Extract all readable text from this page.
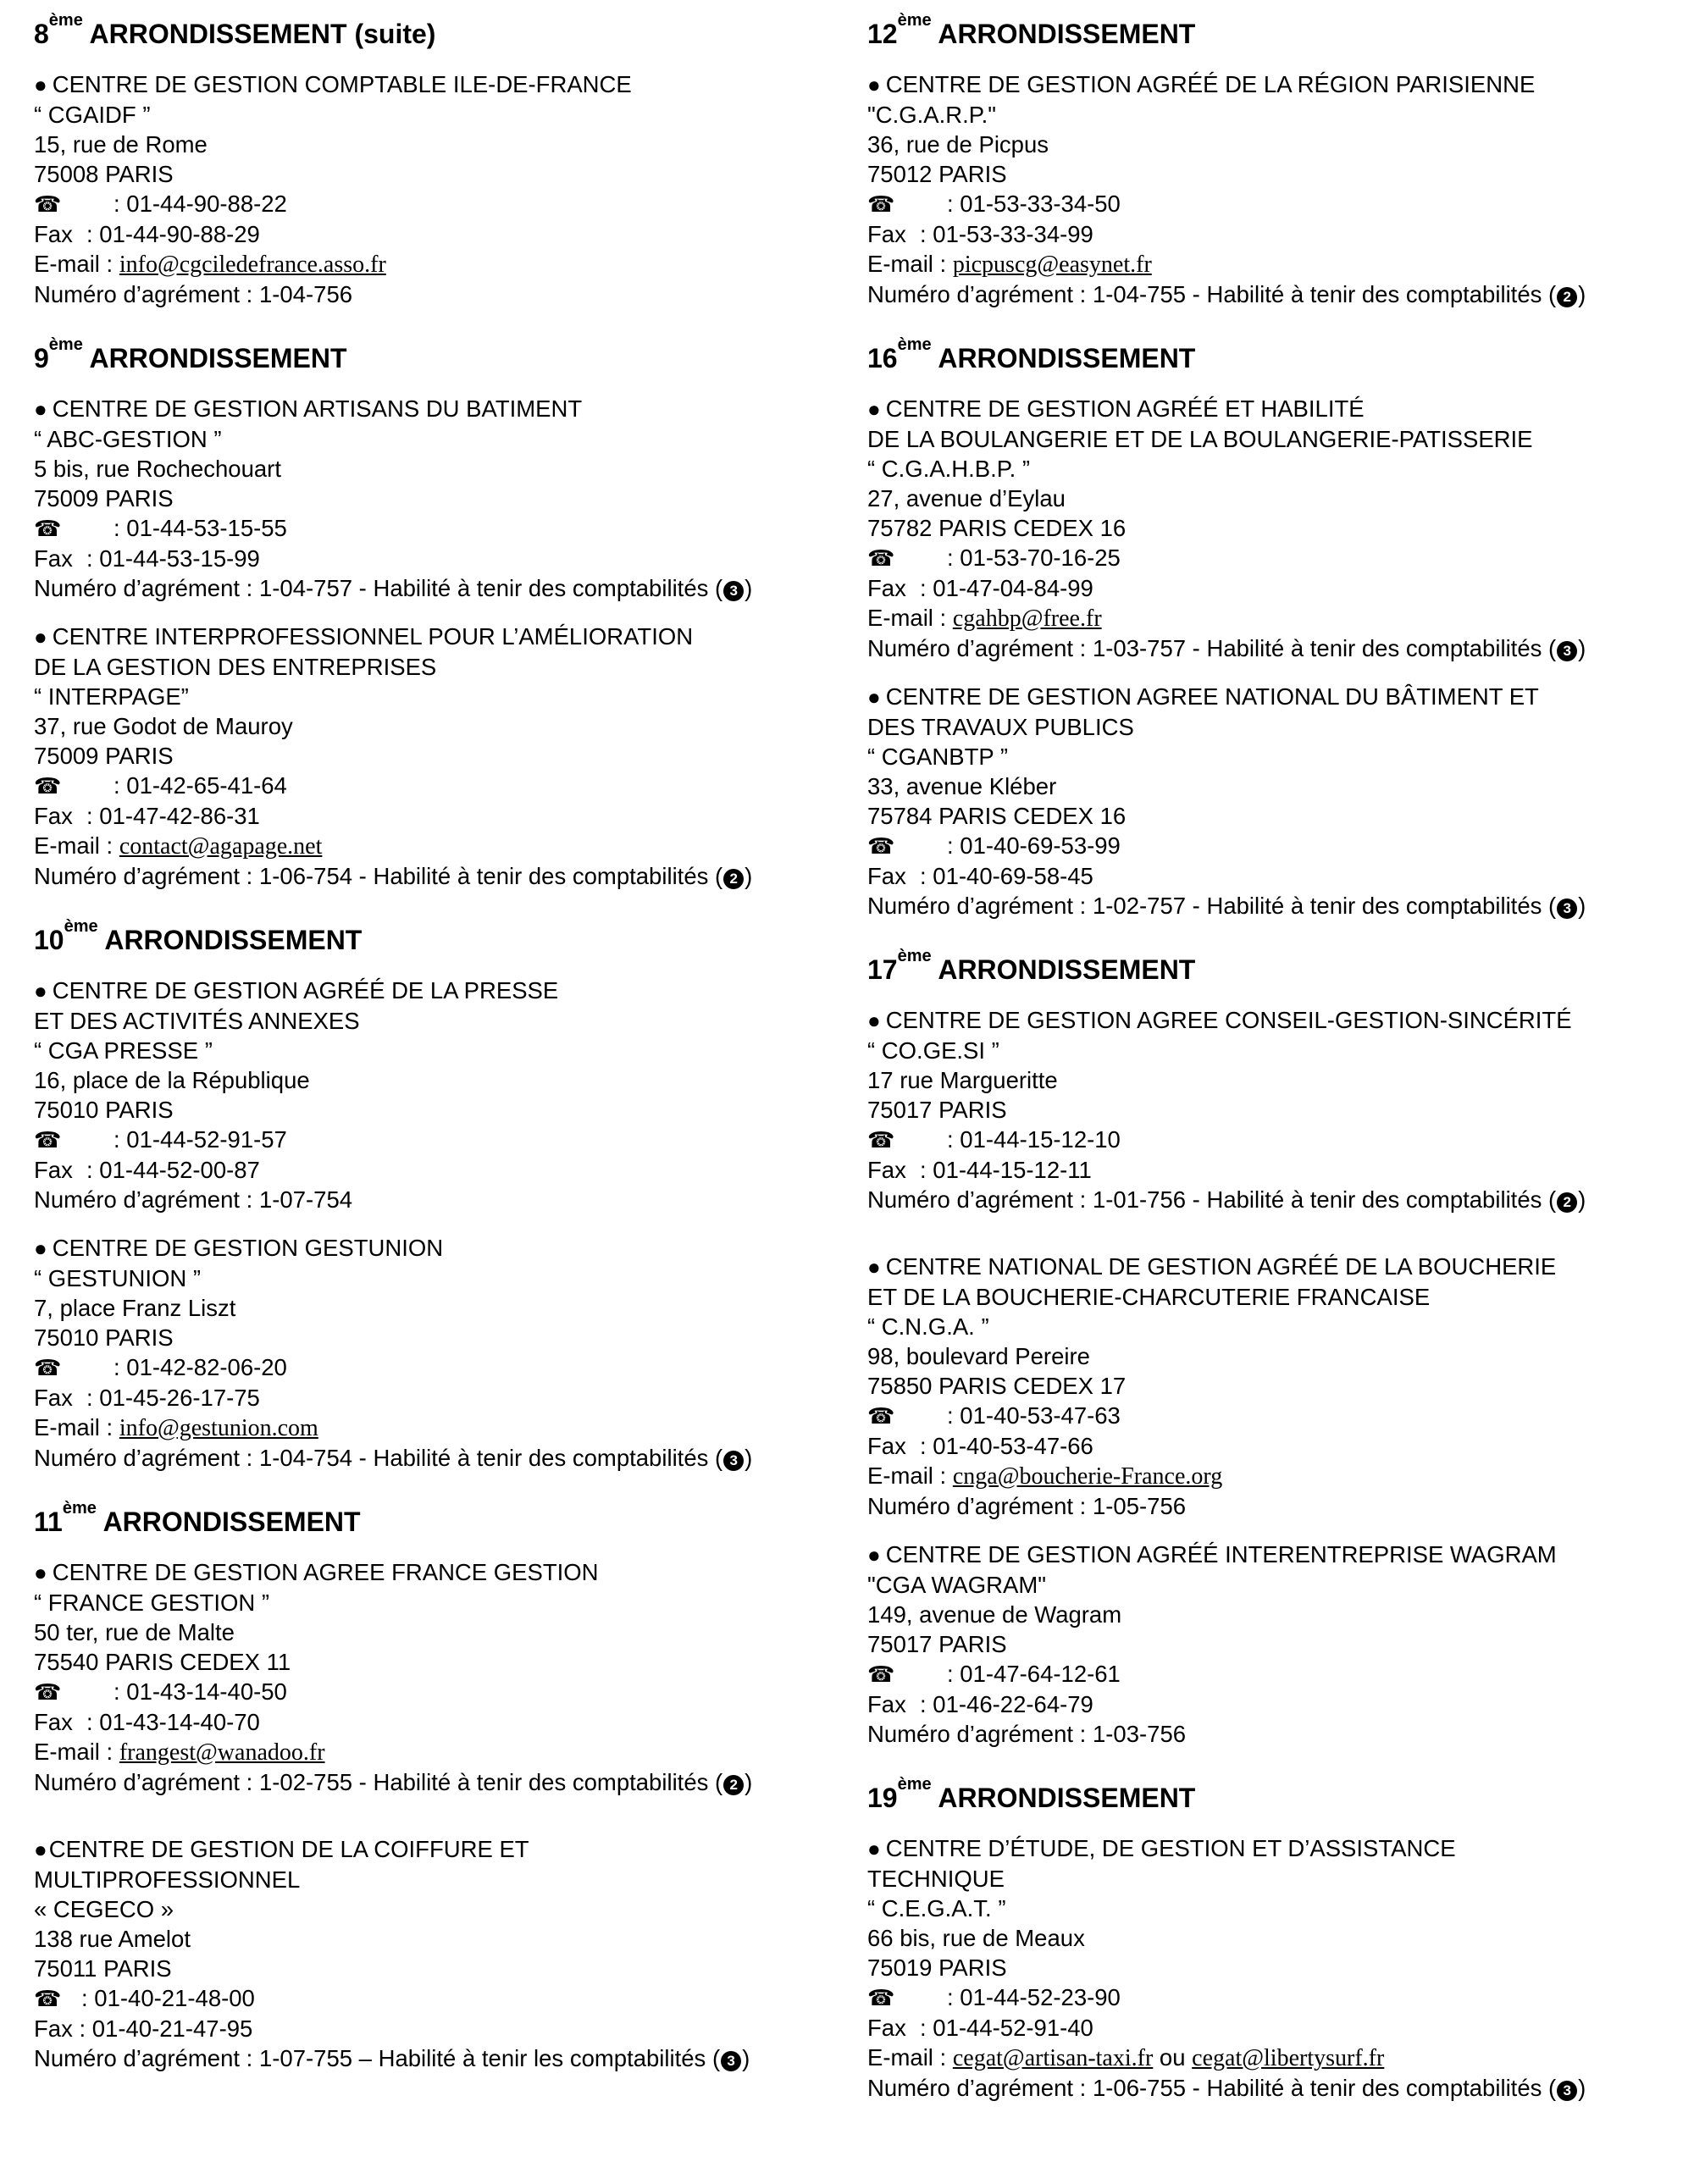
8ème ARRONDISSEMENT (suite)
● CENTRE DE GESTION COMPTABLE ILE-DE-FRANCE
“ CGAIDF ”
15, rue de Rome
75008 PARIS
☎ : 01-44-90-88-22
Fax : 01-44-90-88-29
E-mail : info@cgciledefrance.asso.fr
Numéro d’agrément : 1-04-756
9ème ARRONDISSEMENT
● CENTRE DE GESTION ARTISANS DU BATIMENT
“ ABC-GESTION ”
5 bis, rue Rochechouart
75009 PARIS
☎ : 01-44-53-15-55
Fax : 01-44-53-15-99
Numéro d’agrément : 1-04-757 - Habilité à tenir des comptabilités ( 3 )
● CENTRE INTERPROFESSIONNEL POUR L’AMÉLIORATION
DE LA GESTION DES ENTREPRISES
“ INTERPAGE”
37, rue Godot de Mauroy
75009 PARIS
☎ : 01-42-65-41-64
Fax : 01-47-42-86-31
E-mail : contact@agapage.net
Numéro d’agrément : 1-06-754 - Habilité à tenir des comptabilités ( 2 )
10ème ARRONDISSEMENT
● CENTRE DE GESTION AGRÉÉ DE LA PRESSE
ET DES ACTIVITÉS ANNEXES
“ CGA PRESSE ”
16, place de la République
75010 PARIS
☎ : 01-44-52-91-57
Fax : 01-44-52-00-87
Numéro d’agrément : 1-07-754
● CENTRE DE GESTION GESTUNION
“ GESTUNION ”
7, place Franz Liszt
75010 PARIS
☎ : 01-42-82-06-20
Fax : 01-45-26-17-75
E-mail : info@gestunion.com
Numéro d’agrément : 1-04-754 - Habilité à tenir des comptabilités ( 3 )
11ème ARRONDISSEMENT
● CENTRE DE GESTION AGREE FRANCE GESTION
“ FRANCE GESTION ”
50 ter, rue de Malte
75540 PARIS CEDEX 11
☎ : 01-43-14-40-50
Fax : 01-43-14-40-70
E-mail : frangest@wanadoo.fr
Numéro d’agrément : 1-02-755 - Habilité à tenir des comptabilités ( 2 )
● CENTRE DE GESTION DE LA COIFFURE ET
MULTIPROFESSIONNEL
« CEGECO »
138 rue Amelot
75011 PARIS
☎ : 01-40-21-48-00
Fax : 01-40-21-47-95
Numéro d’agrément : 1-07-755 – Habilité à tenir les comptabilités ( 3 )
12ème ARRONDISSEMENT
● CENTRE DE GESTION AGRÉÉ DE LA RÉGION PARISIENNE
"C.G.A.R.P."
36, rue de Picpus
75012 PARIS
☎ : 01-53-33-34-50
Fax : 01-53-33-34-99
E-mail : picpuscg@easynet.fr
Numéro d’agrément : 1-04-755 - Habilité à tenir des comptabilités ( 2 )
16ème ARRONDISSEMENT
● CENTRE DE GESTION AGRÉÉ ET HABILITÉ
DE LA BOULANGERIE ET DE LA BOULANGERIE-PATISSERIE
“ C.G.A.H.B.P. ”
27, avenue d’Eylau
75782 PARIS CEDEX 16
☎ : 01-53-70-16-25
Fax : 01-47-04-84-99
E-mail : cgahbp@free.fr
Numéro d’agrément : 1-03-757 - Habilité à tenir des comptabilités ( 3 )
● CENTRE DE GESTION AGREE NATIONAL DU BÂTIMENT ET
DES TRAVAUX PUBLICS
“ CGANBTP ”
33, avenue Kléber
75784 PARIS CEDEX 16
☎ : 01-40-69-53-99
Fax : 01-40-69-58-45
Numéro d’agrément : 1-02-757 - Habilité à tenir des comptabilités ( 3 )
17ème ARRONDISSEMENT
● CENTRE DE GESTION AGREE CONSEIL-GESTION-SINCÉRITÉ
“ CO.GE.SI ”
17 rue Margueritte
75017 PARIS
☎ : 01-44-15-12-10
Fax : 01-44-15-12-11
Numéro d’agrément : 1-01-756 - Habilité à tenir des comptabilités ( 2 )
● CENTRE NATIONAL DE GESTION AGRÉÉ DE LA BOUCHERIE
ET DE LA BOUCHERIE-CHARCUTERIE FRANCAISE
“ C.N.G.A. ”
98, boulevard Pereire
75850 PARIS CEDEX 17
☎ : 01-40-53-47-63
Fax : 01-40-53-47-66
E-mail : cnga@boucherie-France.org
Numéro d’agrément : 1-05-756
● CENTRE DE GESTION AGRÉÉ INTERENTREPRISE WAGRAM
"CGA WAGRAM"
149, avenue de Wagram
75017 PARIS
☎ : 01-47-64-12-61
Fax : 01-46-22-64-79
Numéro d’agrément : 1-03-756
19ème ARRONDISSEMENT
● CENTRE D’ÉTUDE, DE GESTION ET D’ASSISTANCE
TECHNIQUE
“ C.E.G.A.T. ”
66 bis, rue de Meaux
75019 PARIS
☎ : 01-44-52-23-90
Fax : 01-44-52-91-40
E-mail : cegat@artisan-taxi.fr ou cegat@libertysurf.fr
Numéro d’agrément : 1-06-755 - Habilité à tenir des comptabilités ( 3 )
